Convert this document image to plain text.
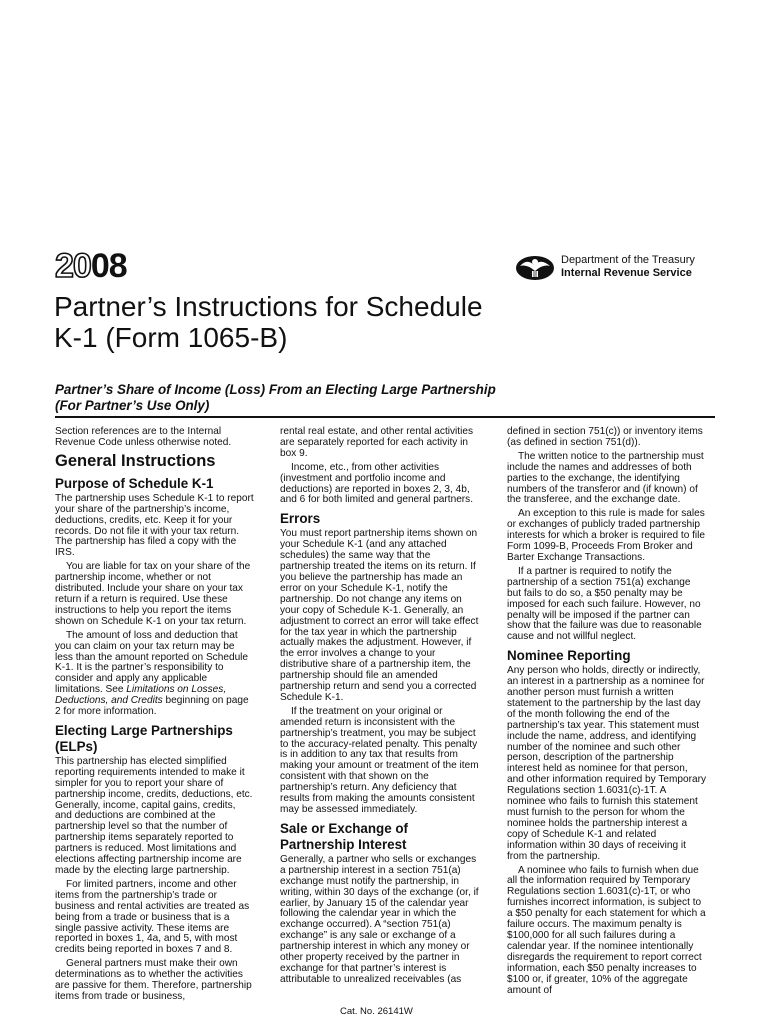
2008	Department of the Treasury
Internal Revenue Service
Partner’s Instructions for Schedule K-1 (Form 1065-B)
Partner’s Share of Income (Loss) From an Electing Large Partnership
(For Partner’s Use Only)

Section references are to the Internal Revenue Code unless otherwise noted.

General Instructions
Purpose of Schedule K-1

The partnership uses Schedule K-1 to report your share of the partnership’s income, deductions, credits, etc. Keep it for your records. Do not file it with your tax return. The partnership has filed a copy with the IRS.

You are liable for tax on your share of the partnership income, whether or not distributed. Include your share on your tax return if a return is required. Use these instructions to help you report the items shown on Schedule K-1 on your tax return.

The amount of loss and deduction that you can claim on your tax return may be less than the amount reported on Schedule K-1. It is the partner’s responsibility to consider and apply any applicable limitations. See Limitations on Losses, Deductions, and Credits beginning on page 2 for more information.

Electing Large Partnerships (ELPs)

This partnership has elected simplified reporting requirements intended to make it simpler for you to report your share of partnership income, credits, deductions, etc. Generally, income, capital gains, credits, and deductions are combined at the partnership level so that the number of partnership items separately reported to partners is reduced. Most limitations and elections affecting partnership income are made by the electing large partnership.

For limited partners, income and other items from the partnership’s trade or business and rental activities are treated as being from a trade or business that is a single passive activity. These items are reported in boxes 1, 4a, and 5, with most credits being reported in boxes 7 and 8.

General partners must make their own determinations as to whether the activities are passive for them. Therefore, partnership items from trade or business,

rental real estate, and other rental activities are separately reported for each activity in box 9.

Income, etc., from other activities (investment and portfolio income and deductions) are reported in boxes 2, 3, 4b, and 6 for both limited and general partners.

Errors

You must report partnership items shown on your Schedule K-1 (and any attached schedules) the same way that the partnership treated the items on its return. If you believe the partnership has made an error on your Schedule K-1, notify the partnership. Do not change any items on your copy of Schedule K-1. Generally, an adjustment to correct an error will take effect for the tax year in which the partnership actually makes the adjustment. However, if the error involves a change to your distributive share of a partnership item, the partnership should file an amended partnership return and send you a corrected Schedule K-1.

If the treatment on your original or amended return is inconsistent with the partnership’s treatment, you may be subject to the accuracy-related penalty. This penalty is in addition to any tax that results from making your amount or treatment of the item consistent with that shown on the partnership’s return. Any deficiency that results from making the amounts consistent may be assessed immediately.

Sale or Exchange of Partnership Interest

Generally, a partner who sells or exchanges a partnership interest in a section 751(a) exchange must notify the partnership, in writing, within 30 days of the exchange (or, if earlier, by January 15 of the calendar year following the calendar year in which the exchange occurred). A “section 751(a) exchange” is any sale or exchange of a partnership interest in which any money or other property received by the partner in exchange for that partner’s interest is attributable to unrealized receivables (as

defined in section 751(c)) or inventory items (as defined in section 751(d)).

The written notice to the partnership must include the names and addresses of both parties to the exchange, the identifying numbers of the transferor and (if known) of the transferee, and the exchange date.

An exception to this rule is made for sales or exchanges of publicly traded partnership interests for which a broker is required to file Form 1099-B, Proceeds From Broker and Barter Exchange Transactions.

If a partner is required to notify the partnership of a section 751(a) exchange but fails to do so, a $50 penalty may be imposed for each such failure. However, no penalty will be imposed if the partner can show that the failure was due to reasonable cause and not willful neglect.

Nominee Reporting

Any person who holds, directly or indirectly, an interest in a partnership as a nominee for another person must furnish a written statement to the partnership by the last day of the month following the end of the partnership’s tax year. This statement must include the name, address, and identifying number of the nominee and such other person, description of the partnership interest held as nominee for that person, and other information required by Temporary Regulations section 1.6031(c)-1T. A nominee who fails to furnish this statement must furnish to the person for whom the nominee holds the partnership interest a copy of Schedule K-1 and related information within 30 days of receiving it from the partnership.

A nominee who fails to furnish when due all the information required by Temporary Regulations section 1.6031(c)-1T, or who furnishes incorrect information, is subject to a $50 penalty for each statement for which a failure occurs. The maximum penalty is $100,000 for all such failures during a calendar year. If the nominee intentionally disregards the requirement to report correct information, each $50 penalty increases to $100 or, if greater, 10% of the aggregate amount of

Cat. No. 26141W
